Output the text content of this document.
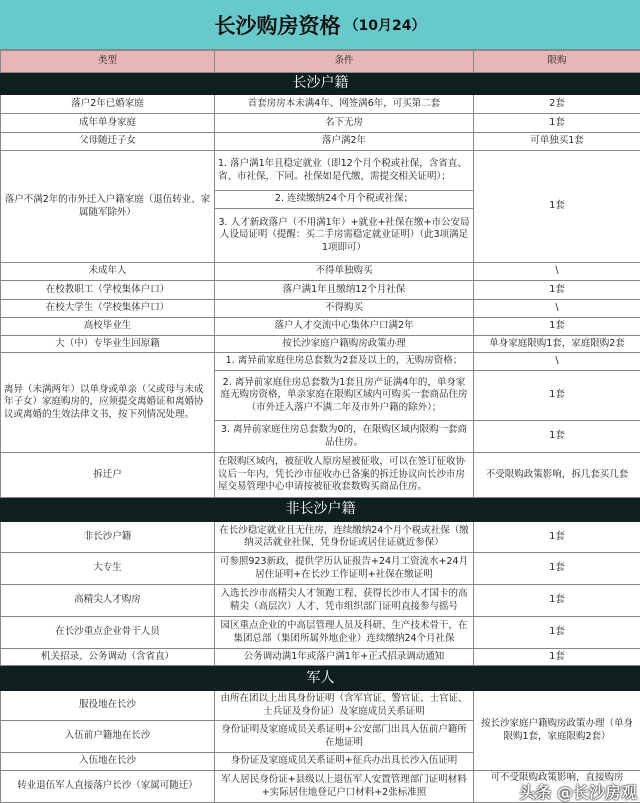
长沙购房资格 （10月24）
类型	条件	限购
长沙户籍		
落户2年已婚家庭	首套房房本未满4年、网签满6年，可买第二套	2套
成年单身家庭	名下无房	1套
父母随迁子女	落户满2年	可单独买1套
落户不满2年的市外迁入户籍家庭（退伍转业、家属随军除外）	1. 落户满1年且稳定就业（即12个月个税或社保，含省直、省、市社保，下同。社保如是代缴，需提交相关证明）；	1套
	2. 连续缴纳24个月个税或社保；	
	3. 人才新政落户（不用满1年）+就业+社保在缴+市公安局人设局证明（提醒：买二手房需稳定就业证明）（此3项满足1项即可）	
未成年人	不得单独购买	\
在校教职工（学校集体户口）	落户满1年且缴纳12个月社保	1套
在校大学生（学校集体户口）	不得购买	\
高校毕业生	落户人才交流中心集体户口满2年	1套
大（中）专毕业生回原籍	按长沙家庭户籍购房政策办理	单身家庭限购1套，家庭限购2套
离异（未满两年）以单身或单亲（父或母与未成年子女）家庭购房的，应须提交离婚证和离婚协议或离婚的生效法律文书，按下列情况处理。	1. 离异前家庭住房总套数为2套及以上的，无购房资格；	\
	2. 离异前家庭住房总套数为1套且房产证满4年的，单身家庭无购房资格，单亲家庭在限购区域内可购买一套商品住房（市外迁入落户不满二年及市外户籍的除外）；	1套
	3. 离异前家庭住房总套数为0的，在限购区域内限购一套商品住房。	1套
拆迁户	在限购区域内，被征收人原房屋被征收，可以在签订征收协议后一年内，凭长沙市征收办已备案的拆迁协议向长沙市房屋交易管理中心申请按被征收套数购买商品住房。	不受限购政策影响，拆几套买几套
非长沙户籍		
非长沙户籍	在长沙稳定就业且无住房，连续缴纳24个月个税或社保（缴纳灵活就业社保，凭身份证或居住证就近参保）	1套
大专生	可参照923新政，提供学历认证报告+24月工资流水+24月居住证明+在长沙工作证明+社保在缴证明	1套
高精尖人才购房	入选长沙市高精尖人才领跑工程、获得长沙市人才国卡的高精尖（高层次）人才、凭市组织部门证明直接参与摇号	1套
在长沙重点企业骨干人员	园区重点企业的中高层管理人员及科研、生产技术骨干，在集团总部（集团所属外地企业）连续缴纳24个月社保	1套
机关招录、公务调动（含省直）	公务调动满1年或落户满1年+正式招录调动通知	1套
军人		
服役地在长沙	由所在团以上出具身份证明（含军官证、警官证、士官证、士兵证及身份证）及家庭成员关系证明	按长沙家庭户籍购房政策办理（单身限购1套，家庭限购2套）
入伍前户籍地在长沙	身份证明及家庭成员关系证明+公安部门出具入伍前户籍所在地证明	
入伍地在长沙	身份证及家庭成员关系证明+征兵办出具长沙入伍证明	
转业退伍军人直接落户长沙（家属可随迁）	军人居民身份证+县级以上退伍军人安置管理部门证明材料+实际居住地登记户口材料+2张标准照	可不受限购政策影响，直接购房
头条 @长沙房观
